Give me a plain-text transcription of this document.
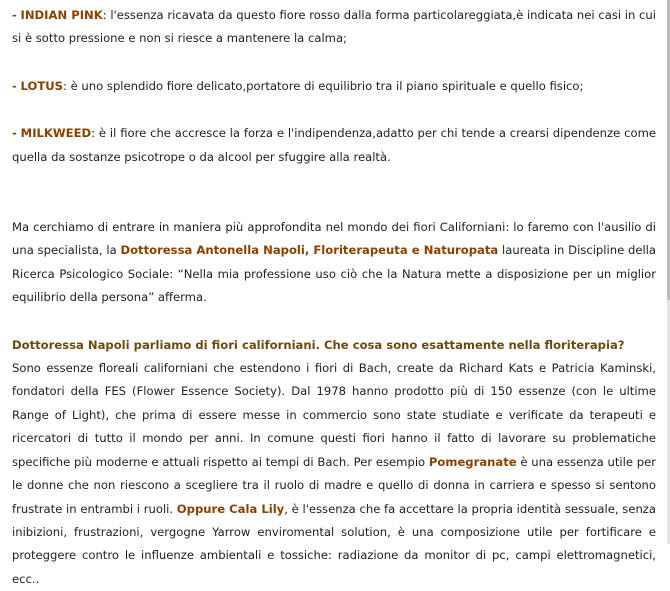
- INDIAN PINK: l'essenza ricavata da questo fiore rosso dalla forma particolareggiata,è indicata nei casi in cui si è sotto pressione e non si riesce a mantenere la calma;

- LOTUS: è uno splendido fiore delicato,portatore di equilibrio tra il piano spirituale e quello fisico;

- MILKWEED: è il fiore che accresce la forza e l'indipendenza,adatto per chi tende a crearsi dipendenze come quella da sostanze psicotrope o da alcool per sfuggire alla realtà.

Ma cerchiamo di entrare in maniera più approfondita nel mondo dei fiori Californiani: lo faremo con l'ausilio di una specialista, la Dottoressa Antonella Napoli, Floriterapeuta e Naturopata laureata in Discipline della Ricerca Psicologico Sociale: “Nella mia professione uso ciò che la Natura mette a disposizione per un miglior equilibrio della persona” afferma.

Dottoressa Napoli parliamo di fiori californiani. Che cosa sono esattamente nella floriterapia?

Sono essenze floreali californiani che estendono i fiori di Bach, create da Richard Kats e Patricia Kaminski, fondatori della FES (Flower Essence Society). Dal 1978 hanno prodotto più di 150 essenze (con le ultime Range of Light), che prima di essere messe in commercio sono state studiate e verificate da terapeuti e ricercatori di tutto il mondo per anni. In comune questi fiori hanno il fatto di lavorare su problematiche specifiche più moderne e attuali rispetto ai tempi di Bach. Per esempio Pomegranate è una essenza utile per le donne che non riescono a scegliere tra il ruolo di madre e quello di donna in carriera e spesso si sentono frustrate in entrambi i ruoli. Oppure Cala Lily, è l'essenza che fa accettare la propria identità sessuale, senza inibizioni, frustrazioni, vergogne Yarrow enviromental solution, è una composizione utile per fortificare e proteggere contro le influenze ambientali e tossiche: radiazione da monitor di pc, campi elettromagnetici, ecc..
